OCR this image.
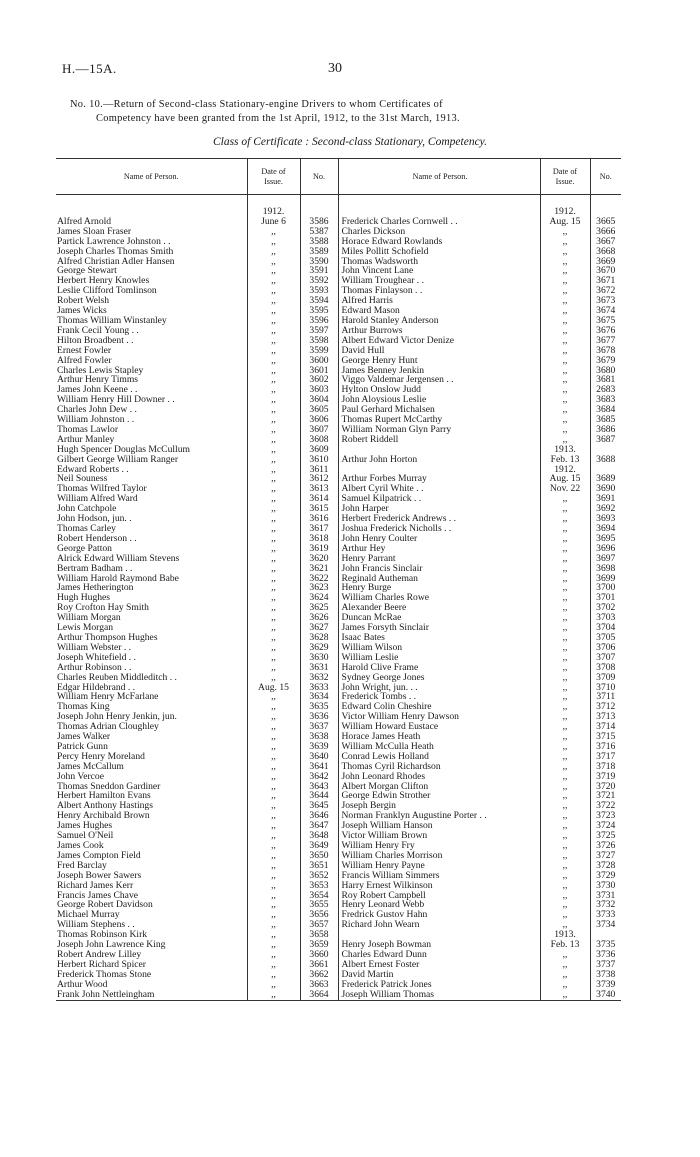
H.—15A.	30
No. 10.—Return of Second-class Stationary-engine Drivers to whom Certificates of
Competency have been granted from the 1st April, 1912, to the 31st March, 1913.
Class of Certificate : Second-class Stationary, Competency.
Name of Person.	Date of
Issue.	No.	Name of Person.	Date of
Issue.	No.

	1912.			1912.	
Alfred Arnold	June 6	3586	Frederick Charles Cornwell . .	Aug. 15	3665
James Sloan Fraser	,,	5387	Charles Dickson	,,	3666
Partick Lawrence Johnston . .	,,	3588	Horace Edward Rowlands	,,	3667
Joseph Charles Thomas Smith	,,	3589	Miles Pollitt Schofield	,,	3668
Alfred Christian Adler Hansen	,,	3590	Thomas Wadsworth	,,	3669
George Stewart	,,	3591	John Vincent Lane	,,	3670
Herbert Henry Knowles	,,	3592	William Troughear . .	,,	3671
Leslie Clifford Tomlinson	,,	3593	Thomas Finlayson . .	,,	3672
Robert Welsh	,,	3594	Alfred Harris	,,	3673
James Wicks	,,	3595	Edward Mason	,,	3674
Thomas William Winstanley	,,	3596	Harold Stanley Anderson	,,	3675
Frank Cecil Young . .	,,	3597	Arthur Burrows	,,	3676
Hilton Broadbent . .	,,	3598	Albert Edward Victor Denize	,,	3677
Ernest Fowler	,,	3599	David Hull	,,	3678
Alfred Fowler	,,	3600	George Henry Hunt	,,	3679
Charles Lewis Stapley	,,	3601	James Benney Jenkin	,,	3680
Arthur Henry Timms	,,	3602	Viggo Valdemar Jergensen . .	,,	3681
James John Keene . .	,,	3603	Hylton Onslow Judd	,,	2683
William Henry Hill Downer . .	,,	3604	John Aloysious Leslie	,,	3683
Charles John Dew . .	,,	3605	Paul Gerhard Michalsen	,,	3684
William Johnston . .	,,	3606	Thomas Rupert McCarthy	,,	3685
Thomas Lawlor	,,	3607	William Norman Glyn Parry	,,	3686
Arthur Manley	,,	3608	Robert Riddell	,,	3687
Hugh Spencer Douglas McCullum	,,	3609		1913.	
Gilbert George William Ranger	,,	3610	Arthur John Horton	Feb. 13	3688
Edward Roberts . .	,,	3611		1912.	
Neil Souness	,,	3612	Arthur Forbes Murray	Aug. 15	3689
Thomas Wilfred Taylor	,,	3613	Albert Cyril White . .	Nov. 22	3690
William Alfred Ward	,,	3614	Samuel Kilpatrick . .	,,	3691
John Catchpole	,,	3615	John Harper	,,	3692
John Hodson, jun. .	,,	3616	Herbert Frederick Andrews . .	,,	3693
Thomas Carley	,,	3617	Joshua Frederick Nicholls . .	,,	3694
Robert Henderson . .	,,	3618	John Henry Coulter	,,	3695
George Patton	,,	3619	Arthur Hey	,,	3696
Alrick Edward William Stevens	,,	3620	Henry Parrant	,,	3697
Bertram Badham . .	,,	3621	John Francis Sinclair	,,	3698
William Harold Raymond Babe	,,	3622	Reginald Autheman	,,	3699
James Hetherington	,,	3623	Henry Burge	,,	3700
Hugh Hughes	,,	3624	William Charles Rowe	,,	3701
Roy Crofton Hay Smith	,,	3625	Alexander Beere	,,	3702
William Morgan	,,	3626	Duncan McRae	,,	3703
Lewis Morgan	,,	3627	James Forsyth Sinclair	,,	3704
Arthur Thompson Hughes	,,	3628	Isaac Bates	,,	3705
William Webster . .	,,	3629	William Wilson	,,	3706
Joseph Whitefield . .	,,	3630	William Leslie	,,	3707
Arthur Robinson . .	,,	3631	Harold Clive Frame	,,	3708
Charles Reuben Middleditch . .	,,	3632	Sydney George Jones	,,	3709
Edgar Hildebrand . .	Aug. 15	3633	John Wright, jun. . .	,,	3710
William Henry McFarlane	,,	3634	Frederick Tombs . .	,,	3711
Thomas King	,,	3635	Edward Colin Cheshire	,,	3712
Joseph John Henry Jenkin, jun.	,,	3636	Victor William Henry Dawson	,,	3713
Thomas Adrian Cloughley	,,	3637	William Howard Eustace	,,	3714
James Walker	,,	3638	Horace James Heath	,,	3715
Patrick Gunn	,,	3639	William McCulla Heath	,,	3716
Percy Henry Moreland	,,	3640	Conrad Lewis Holland	,,	3717
James McCallum	,,	3641	Thomas Cyril Richardson	,,	3718
John Vercoe	,,	3642	John Leonard Rhodes	,,	3719
Thomas Sneddon Gardiner	,,	3643	Albert Morgan Clifton	,,	3720
Herbert Hamilton Evans	,,	3644	George Edwin Strother	,,	3721
Albert Anthony Hastings	,,	3645	Joseph Bergin	,,	3722
Henry Archibald Brown	,,	3646	Norman Franklyn Augustine Porter . .	,,	3723
James Hughes	,,	3647	Joseph William Hanson	,,	3724
Samuel O'Neil	,,	3648	Victor William Brown	,,	3725
James Cook	,,	3649	William Henry Fry	,,	3726
James Compton Field	,,	3650	William Charles Morrison	,,	3727
Fred Barclay	,,	3651	William Henry Payne	,,	3728
Joseph Bower Sawers	,,	3652	Francis William Simmers	,,	3729
Richard James Kerr	,,	3653	Harry Ernest Wilkinson	,,	3730
Francis James Chave	,,	3654	Roy Robert Campbell	,,	3731
George Robert Davidson	,,	3655	Henry Leonard Webb	,,	3732
Michael Murray	,,	3656	Fredrick Gustov Hahn	,,	3733
William Stephens . .	,,	3657	Richard John Wearn	,,	3734
Thomas Robinson Kirk	,,	3658		1913.	
Joseph John Lawrence King	,,	3659	Henry Joseph Bowman	Feb. 13	3735
Robert Andrew Lilley	,,	3660	Charles Edward Dunn	,,	3736
Herbert Richard Spicer	,,	3661	Albert Ernest Foster	,,	3737
Frederick Thomas Stone	,,	3662	David Martin	,,	3738
Arthur Wood	,,	3663	Frederick Patrick Jones	,,	3739
Frank John Nettleingham	,,	3664	Joseph William Thomas	,,	3740
